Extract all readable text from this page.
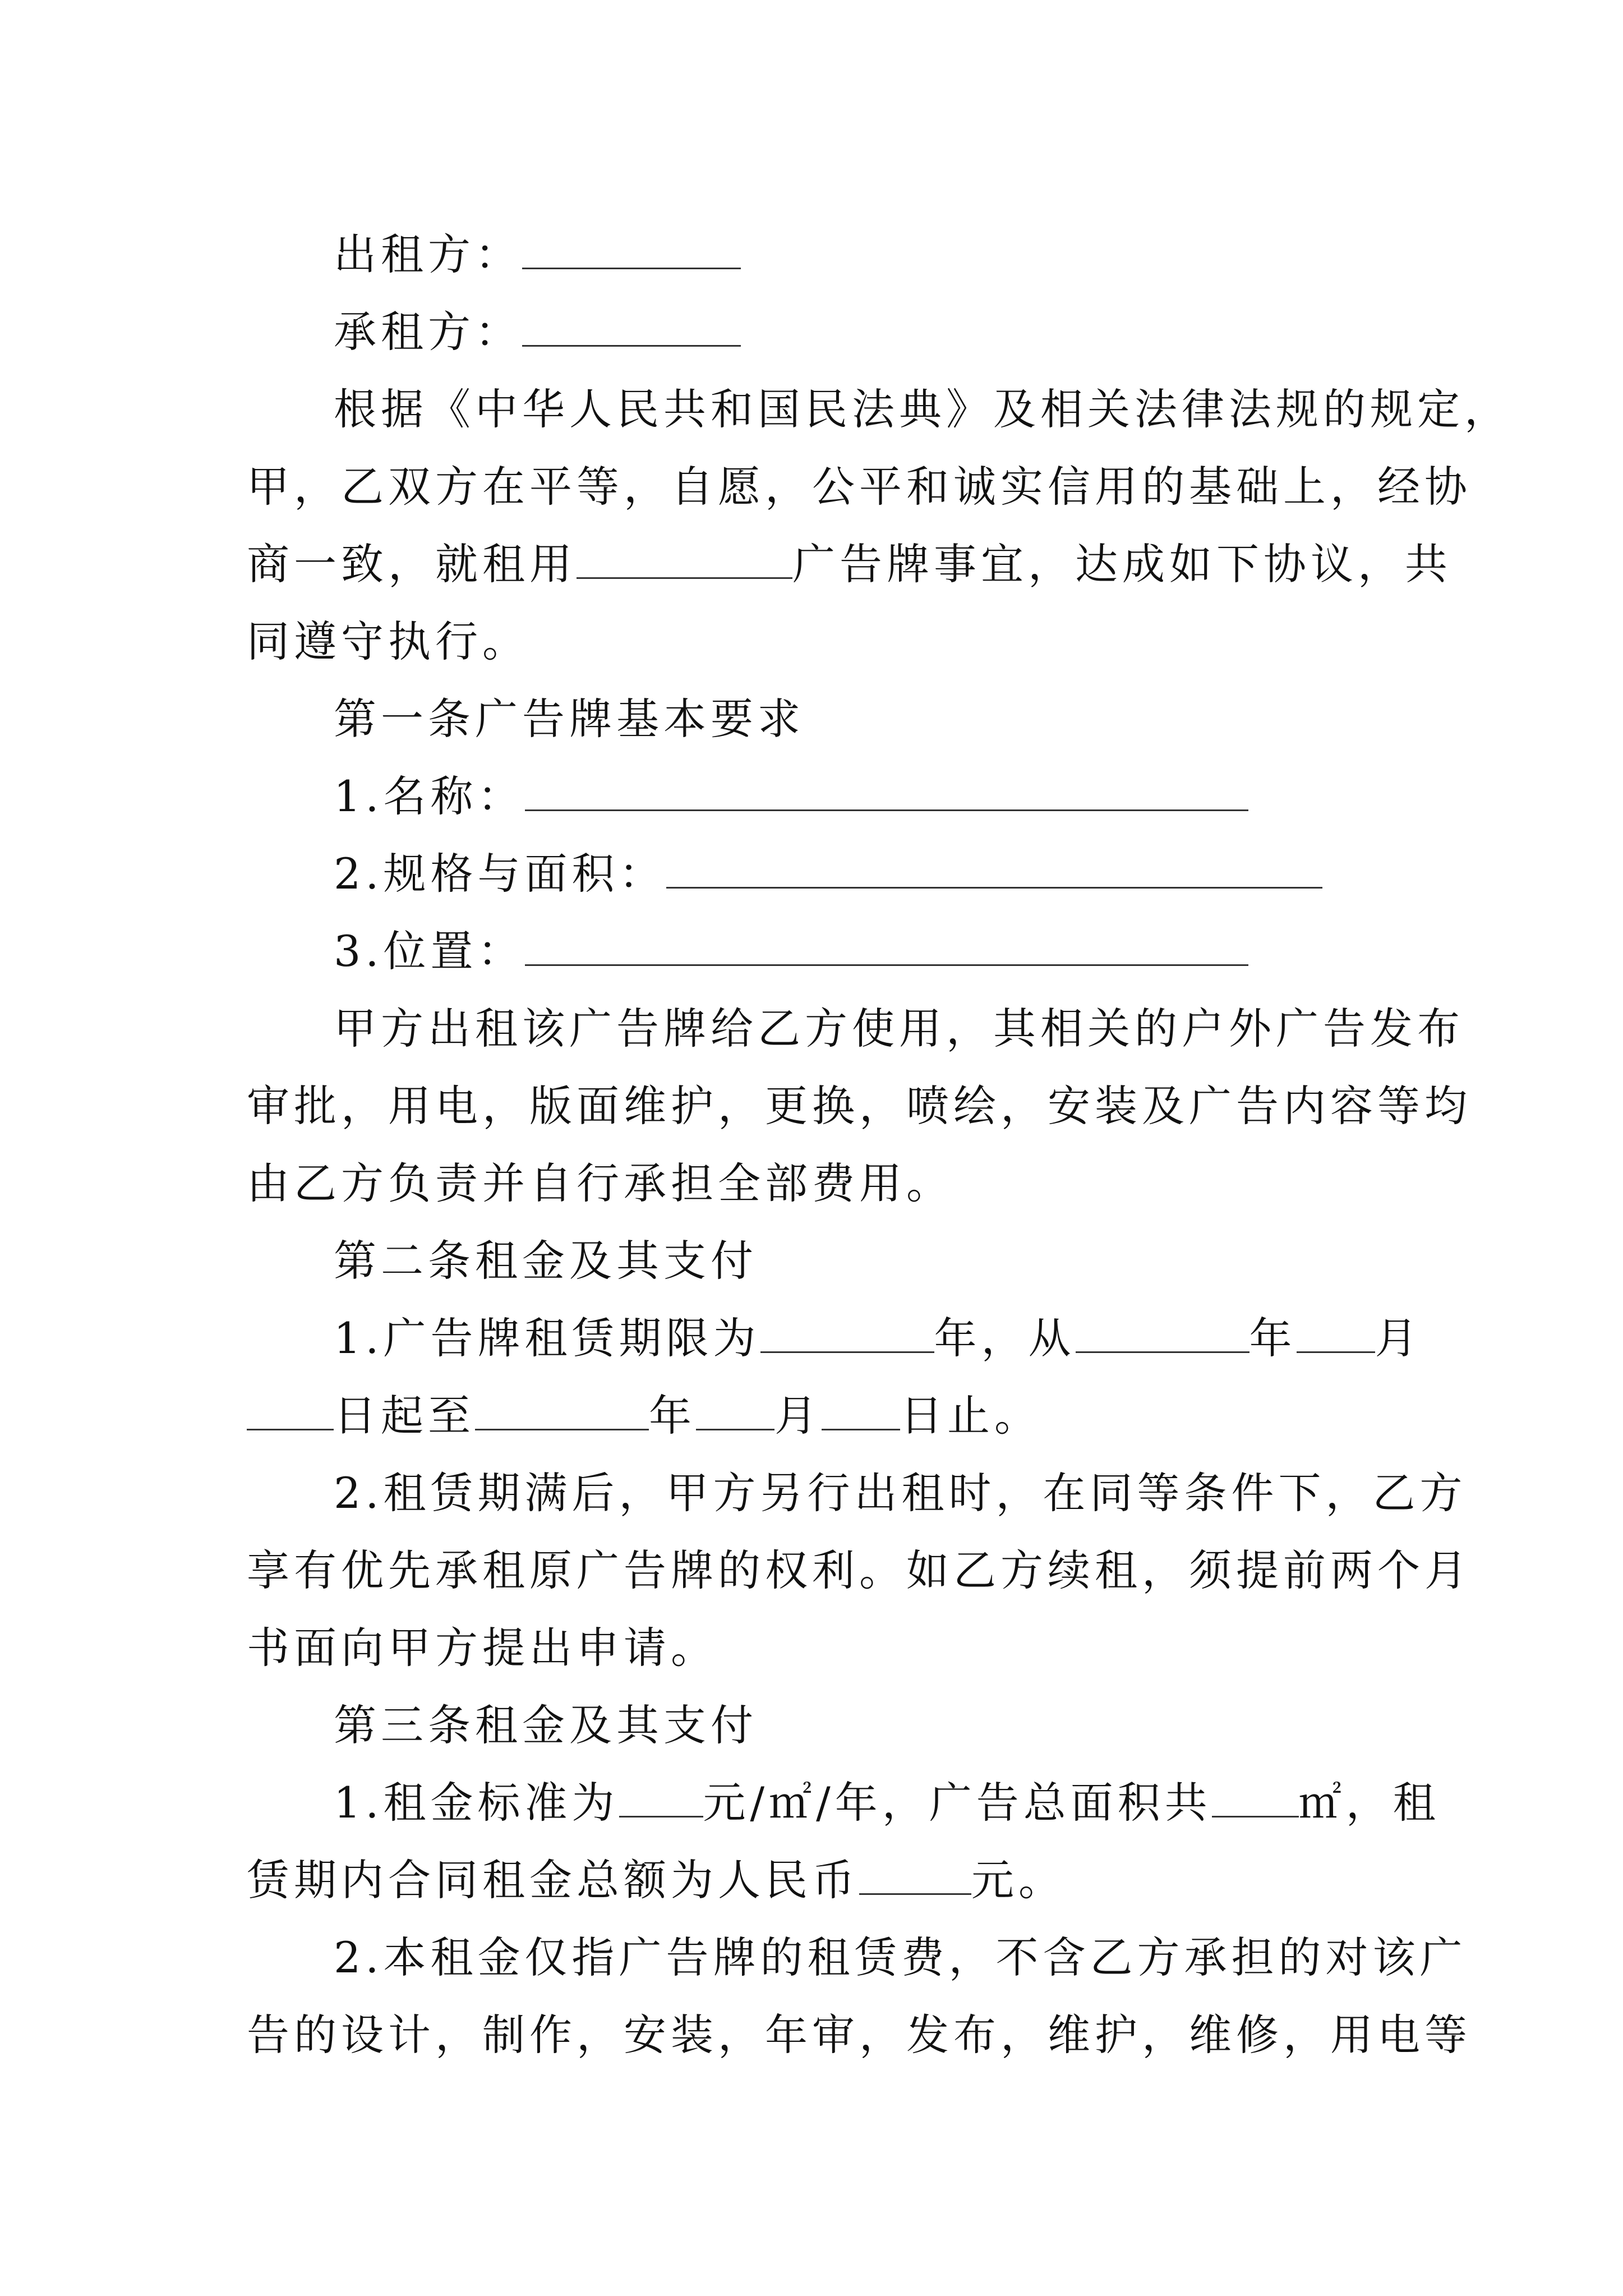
出租方：
承租方：
根据《中华人民共和国民法典》及相关法律法规的规定，
甲，乙双方在平等，自愿，公平和诚实信用的基础上，经协
商一致，就租用	广告牌事宜，达成如下协议，共
同遵守执行。
第一条广告牌基本要求
1.名称：
2.规格与面积：
3.位置：
甲方出租该广告牌给乙方使用，其相关的户外广告发布
审批，用电，版面维护，更换，喷绘，安装及广告内容等均
由乙方负责并自行承担全部费用。
第二条租金及其支付
1.广告牌租赁期限为	年，从	年 月
日起至	年 月 日止。
2.租赁期满后，甲方另行出租时，在同等条件下，乙方
享有优先承租原广告牌的权利。如乙方续租，须提前两个月
书面向甲方提出申请。
第三条租金及其支付
1.租金标准为 元/㎡/年，广告总面积共 ㎡，租
赁期内合同租金总额为人民币	元。
2.本租金仅指广告牌的租赁费，不含乙方承担的对该广
告的设计，制作，安装，年审，发布，维护，维修，用电等
